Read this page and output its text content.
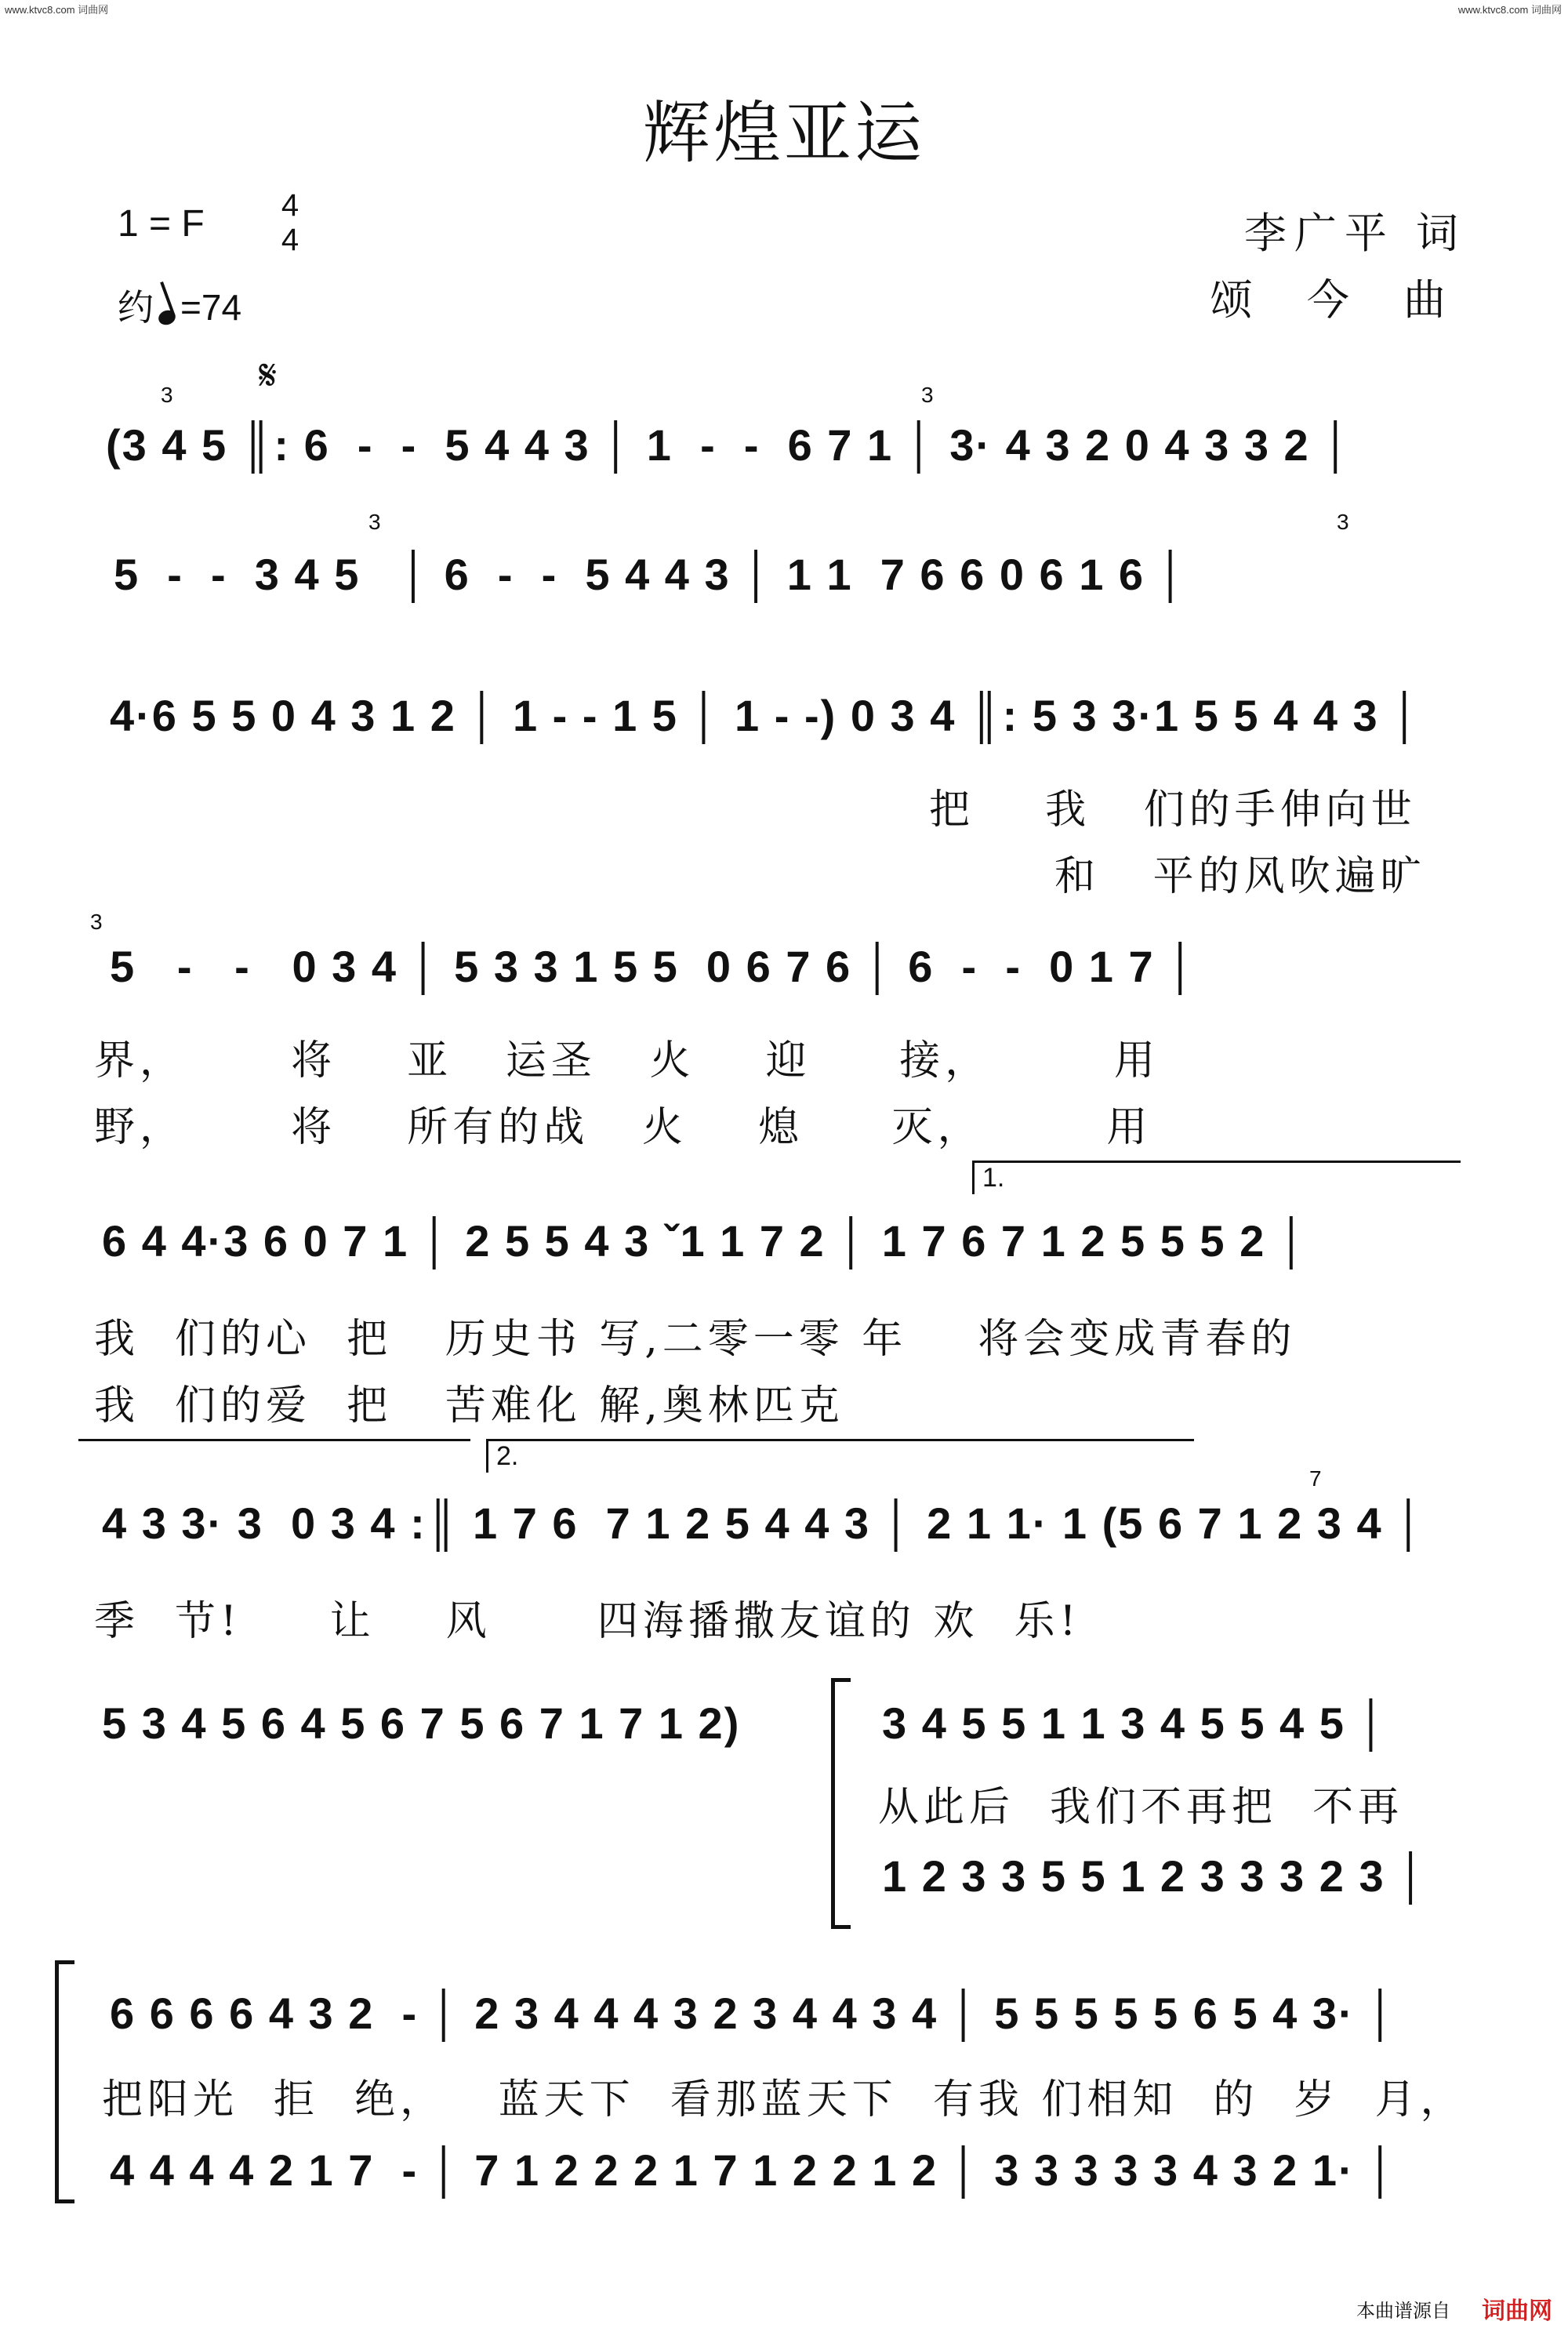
www.ktvc8.com 词曲网	www.ktvc8.com 词曲网
辉煌亚运
1 = F 4
4
约 =74
李广平 词
颂 今 曲
𝄋
3	3
(3 4 5 ║: 6  -  -  5 4 4 3 │ 1  -  -  6 7 1 │ 3· 4 3 2 0 4 3 3 2 │
3	3
5  -  -  3 4 5   │ 6  -  -  5 4 4 3 │ 1 1  7 6 6 0 6 1 6 │
4·6 5 5 0 4 3 1 2 │ 1 - - 1 5 │ 1 - -) 0 3 4 ║: 5 3 3·1 5 5 4 4 3 │
把    我   们的手伸向世
和   平的风吹遍旷
3
5   -   -   0 3 4 │ 5 3 3 1 5 5  0 6 7 6 │ 6  -  -  0 1 7 │
界，      将    亚   运圣   火    迎     接，       用
野，      将    所有的战   火    熄     灭，       用
1.
6 4 4·3 6 0 7 1 │ 2 5 5 4 3 ˇ1 1 7 2 │ 1 7 6 7 1 2 5 5 5 2 │
我  们的心  把   历史书 写,二零一零 年    将会变成青春的
我  们的爱  把   苦难化 解,奥林匹克
2.
7
4 3 3· 3  0 3 4 :║ 1 7 6  7 1 2 5 4 4 3 │ 2 1 1· 1 (5 6 7 1 2 3 4 │
季  节!     让    风      四海播撒友谊的 欢  乐!
5 3 4 5 6 4 5 6 7 5 6 7 1 7 1 2)	3 4 5 5 1 1 3 4 5 5 4 5 │
从此后  我们不再把  不再
1 2 3 3 5 5 1 2 3 3 3 2 3 │
6 6 6 6 4 3 2  - │ 2 3 4 4 4 3 2 3 4 4 3 4 │ 5 5 5 5 5 6 5 4 3· │
把阳光  拒  绝，   蓝天下  看那蓝天下  有我 们相知  的  岁  月，
4 4 4 4 2 1 7  - │ 7 1 2 2 2 1 7 1 2 2 1 2 │ 3 3 3 3 3 4 3 2 1· │
本曲谱源自 词曲网
